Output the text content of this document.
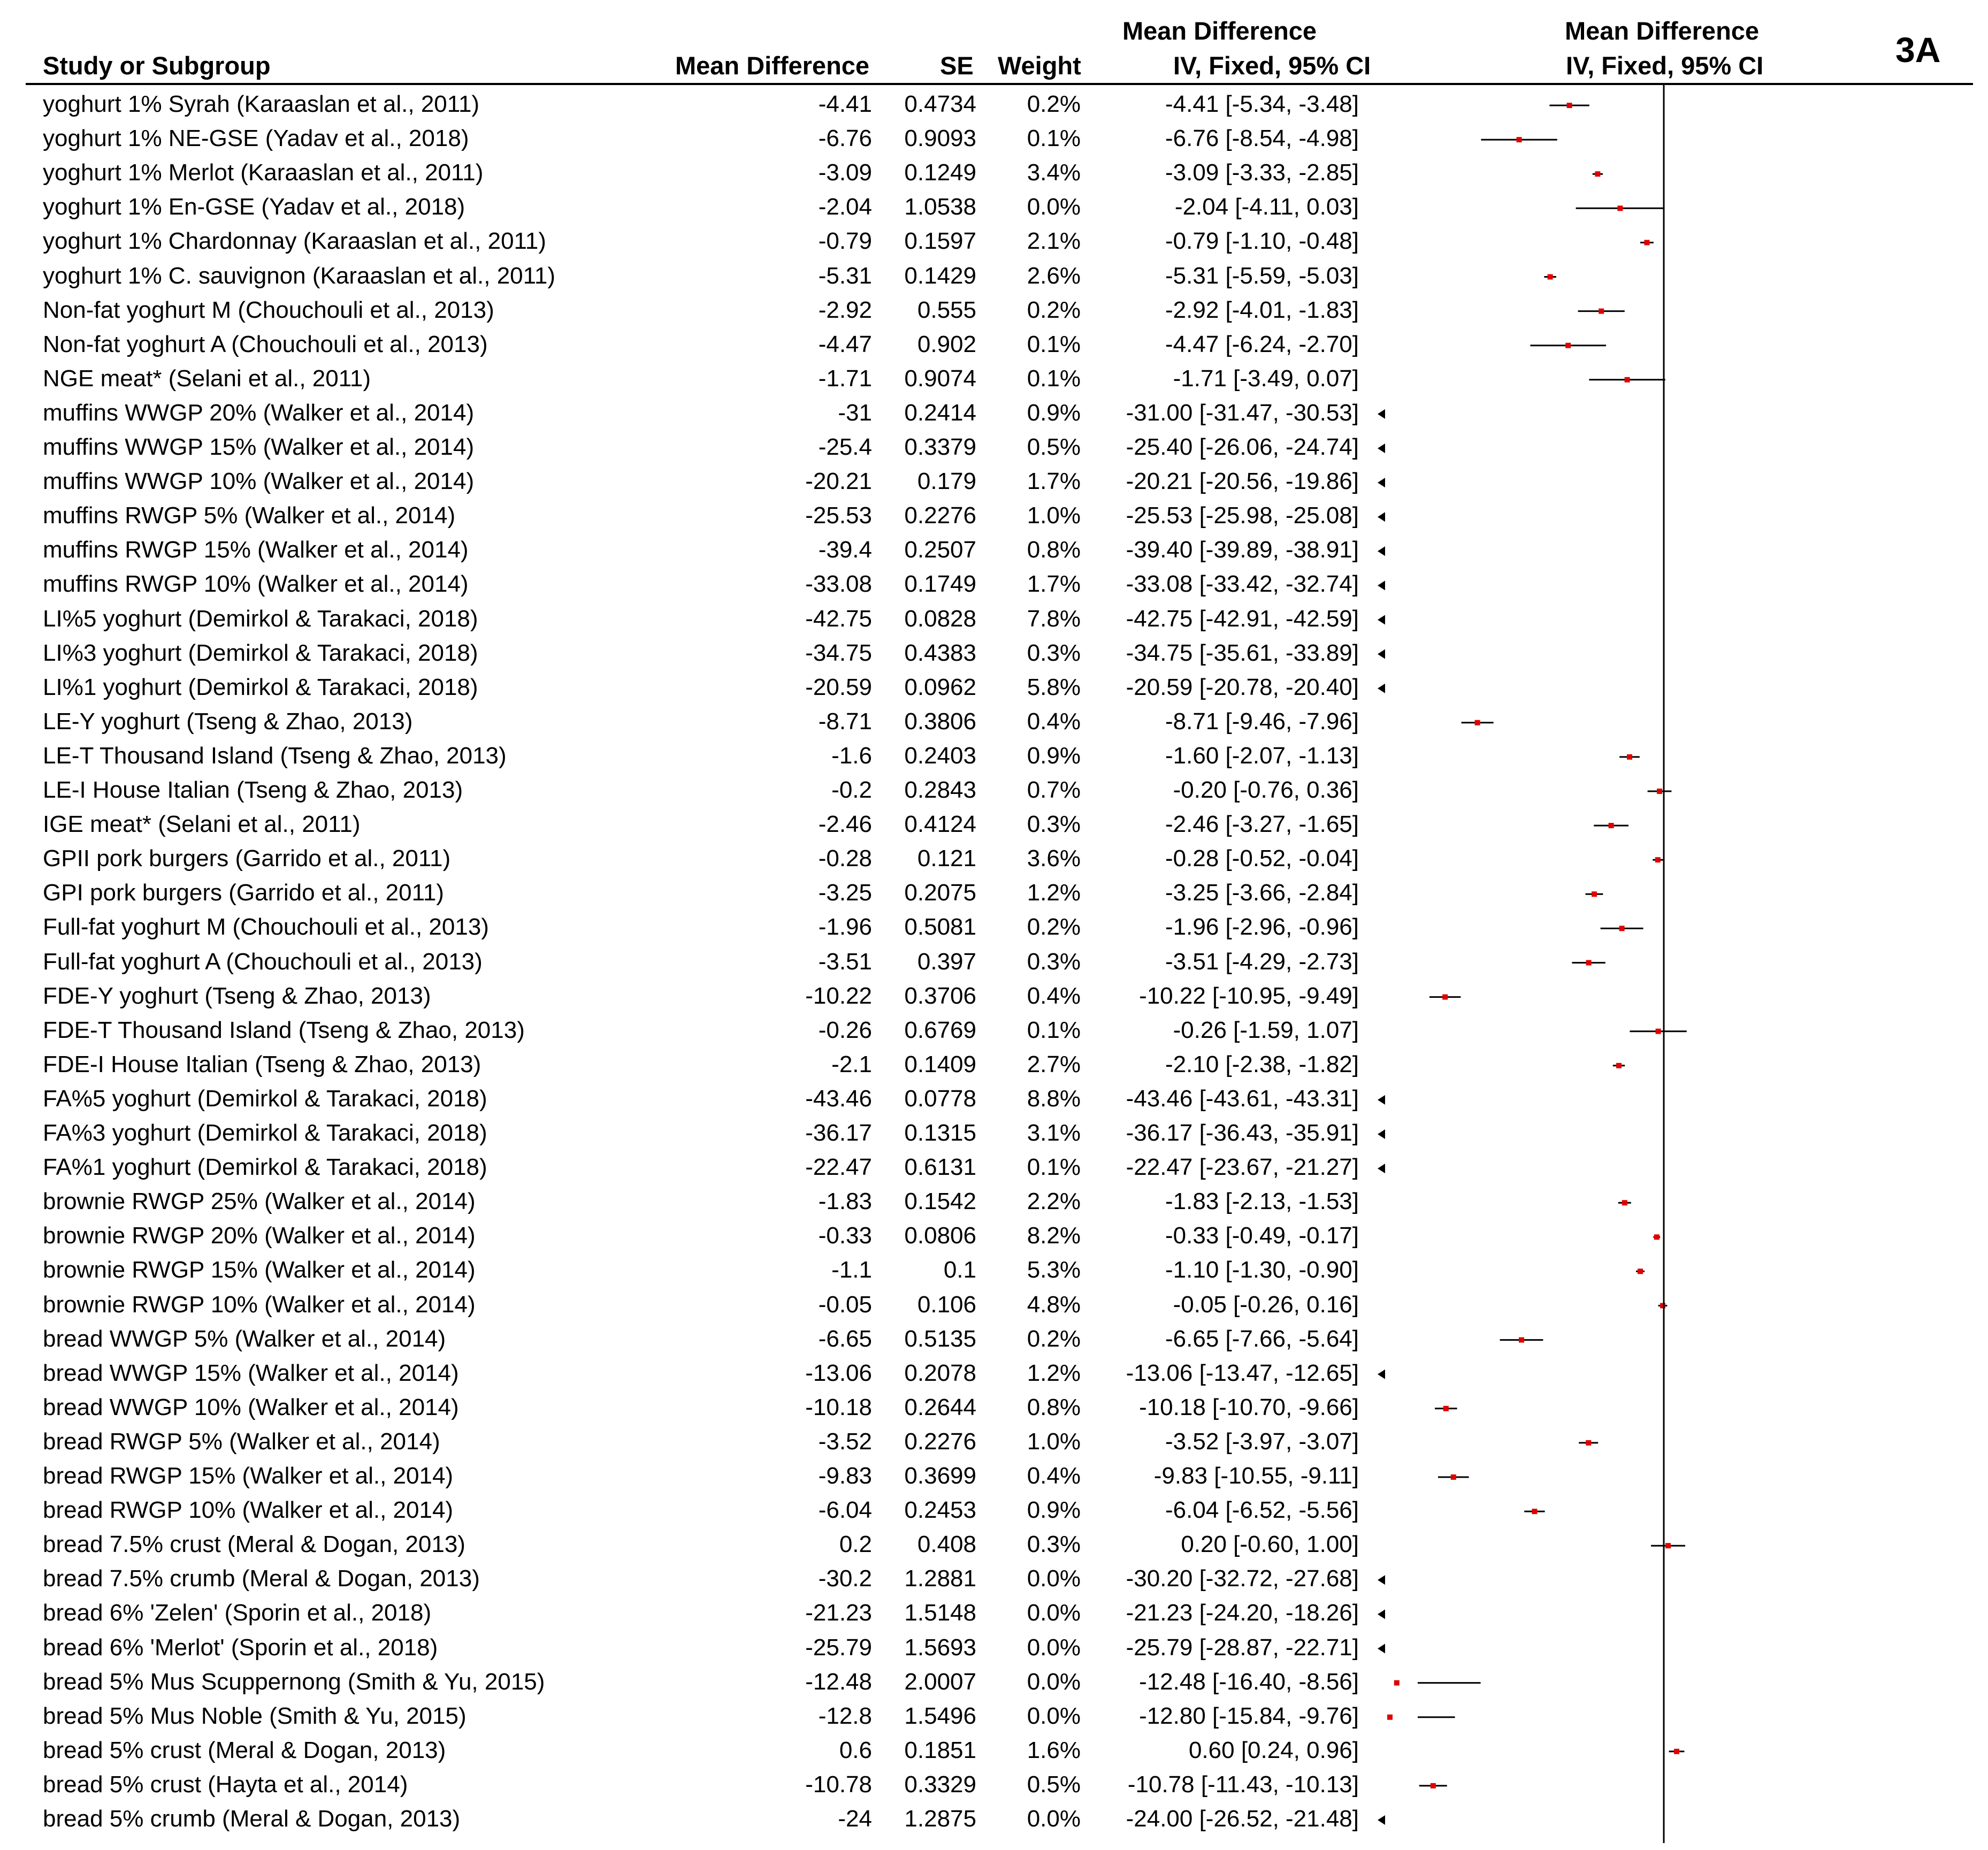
Mean Difference	Mean Difference
Study or Subgroup	Mean Difference	SE Weight	IV, Fixed, 95% CI	IV, Fixed, 95% CI	3A
yoghurt 1% Syrah (Karaaslan et al., 2011)	-4.41	0.4734	0.2%	-4.41 [-5.34, -3.48]
yoghurt 1% NE-GSE (Yadav et al., 2018)	-6.76	0.9093	0.1%	-6.76 [-8.54, -4.98]
yoghurt 1% Merlot (Karaaslan et al., 2011)	-3.09	0.1249	3.4%	-3.09 [-3.33, -2.85]
yoghurt 1% En-GSE (Yadav et al., 2018)	-2.04	1.0538	0.0%	-2.04 [-4.11, 0.03]
yoghurt 1% Chardonnay (Karaaslan et al., 2011)	-0.79	0.1597	2.1%	-0.79 [-1.10, -0.48]
yoghurt 1% C. sauvignon (Karaaslan et al., 2011)	-5.31	0.1429	2.6%	-5.31 [-5.59, -5.03]
Non-fat yoghurt M (Chouchouli et al., 2013)	-2.92	0.555	0.2%	-2.92 [-4.01, -1.83]
Non-fat yoghurt A (Chouchouli et al., 2013)	-4.47	0.902	0.1%	-4.47 [-6.24, -2.70]
NGE meat* (Selani et al., 2011)	-1.71	0.9074	0.1%	-1.71 [-3.49, 0.07]
muffins WWGP 20% (Walker et al., 2014)	-31	0.2414	0.9%	-31.00 [-31.47, -30.53]
muffins WWGP 15% (Walker et al., 2014)	-25.4	0.3379	0.5%	-25.40 [-26.06, -24.74]
muffins WWGP 10% (Walker et al., 2014)	-20.21	0.179	1.7%	-20.21 [-20.56, -19.86]
muffins RWGP 5% (Walker et al., 2014)	-25.53	0.2276	1.0%	-25.53 [-25.98, -25.08]
muffins RWGP 15% (Walker et al., 2014)	-39.4	0.2507	0.8%	-39.40 [-39.89, -38.91]
muffins RWGP 10% (Walker et al., 2014)	-33.08	0.1749	1.7%	-33.08 [-33.42, -32.74]
LI%5 yoghurt (Demirkol & Tarakaci, 2018)	-42.75	0.0828	7.8%	-42.75 [-42.91, -42.59]
LI%3 yoghurt (Demirkol & Tarakaci, 2018)	-34.75	0.4383	0.3%	-34.75 [-35.61, -33.89]
LI%1 yoghurt (Demirkol & Tarakaci, 2018)	-20.59	0.0962	5.8%	-20.59 [-20.78, -20.40]
LE-Y yoghurt (Tseng & Zhao, 2013)	-8.71	0.3806	0.4%	-8.71 [-9.46, -7.96]
LE-T Thousand Island (Tseng & Zhao, 2013)	-1.6	0.2403	0.9%	-1.60 [-2.07, -1.13]
LE-I House Italian (Tseng & Zhao, 2013)	-0.2	0.2843	0.7%	-0.20 [-0.76, 0.36]
IGE meat* (Selani et al., 2011)	-2.46	0.4124	0.3%	-2.46 [-3.27, -1.65]
GPII pork burgers (Garrido et al., 2011)	-0.28	0.121	3.6%	-0.28 [-0.52, -0.04]
GPI pork burgers (Garrido et al., 2011)	-3.25	0.2075	1.2%	-3.25 [-3.66, -2.84]
Full-fat yoghurt M (Chouchouli et al., 2013)	-1.96	0.5081	0.2%	-1.96 [-2.96, -0.96]
Full-fat yoghurt A (Chouchouli et al., 2013)	-3.51	0.397	0.3%	-3.51 [-4.29, -2.73]
FDE-Y yoghurt (Tseng & Zhao, 2013)	-10.22	0.3706	0.4%	-10.22 [-10.95, -9.49]
FDE-T Thousand Island (Tseng & Zhao, 2013)	-0.26	0.6769	0.1%	-0.26 [-1.59, 1.07]
FDE-I House Italian (Tseng & Zhao, 2013)	-2.1	0.1409	2.7%	-2.10 [-2.38, -1.82]
FA%5 yoghurt (Demirkol & Tarakaci, 2018)	-43.46	0.0778	8.8%	-43.46 [-43.61, -43.31]
FA%3 yoghurt (Demirkol & Tarakaci, 2018)	-36.17	0.1315	3.1%	-36.17 [-36.43, -35.91]
FA%1 yoghurt (Demirkol & Tarakaci, 2018)	-22.47	0.6131	0.1%	-22.47 [-23.67, -21.27]
brownie RWGP 25% (Walker et al., 2014)	-1.83	0.1542	2.2%	-1.83 [-2.13, -1.53]
brownie RWGP 20% (Walker et al., 2014)	-0.33	0.0806	8.2%	-0.33 [-0.49, -0.17]
brownie RWGP 15% (Walker et al., 2014)	-1.1	0.1	5.3%	-1.10 [-1.30, -0.90]
brownie RWGP 10% (Walker et al., 2014)	-0.05	0.106	4.8%	-0.05 [-0.26, 0.16]
bread WWGP 5% (Walker et al., 2014)	-6.65	0.5135	0.2%	-6.65 [-7.66, -5.64]
bread WWGP 15% (Walker et al., 2014)	-13.06	0.2078	1.2%	-13.06 [-13.47, -12.65]
bread WWGP 10% (Walker et al., 2014)	-10.18	0.2644	0.8%	-10.18 [-10.70, -9.66]
bread RWGP 5% (Walker et al., 2014)	-3.52	0.2276	1.0%	-3.52 [-3.97, -3.07]
bread RWGP 15% (Walker et al., 2014)	-9.83	0.3699	0.4%	-9.83 [-10.55, -9.11]
bread RWGP 10% (Walker et al., 2014)	-6.04	0.2453	0.9%	-6.04 [-6.52, -5.56]
bread 7.5% crust (Meral & Dogan, 2013)	0.2	0.408	0.3%	0.20 [-0.60, 1.00]
bread 7.5% crumb (Meral & Dogan, 2013)	-30.2	1.2881	0.0%	-30.20 [-32.72, -27.68]
bread 6% 'Zelen' (Sporin et al., 2018)	-21.23	1.5148	0.0%	-21.23 [-24.20, -18.26]
bread 6% 'Merlot' (Sporin et al., 2018)	-25.79	1.5693	0.0%	-25.79 [-28.87, -22.71]
bread 5% Mus Scuppernong (Smith & Yu, 2015)	-12.48	2.0007	0.0%	-12.48 [-16.40, -8.56]
bread 5% Mus Noble (Smith & Yu, 2015)	-12.8	1.5496	0.0%	-12.80 [-15.84, -9.76]
bread 5% crust (Meral & Dogan, 2013)	0.6	0.1851	1.6%	0.60 [0.24, 0.96]
bread 5% crust (Hayta et al., 2014)	-10.78	0.3329	0.5%	-10.78 [-11.43, -10.13]
bread 5% crumb (Meral & Dogan, 2013)	-24	1.2875	0.0%	-24.00 [-26.52, -21.48]
